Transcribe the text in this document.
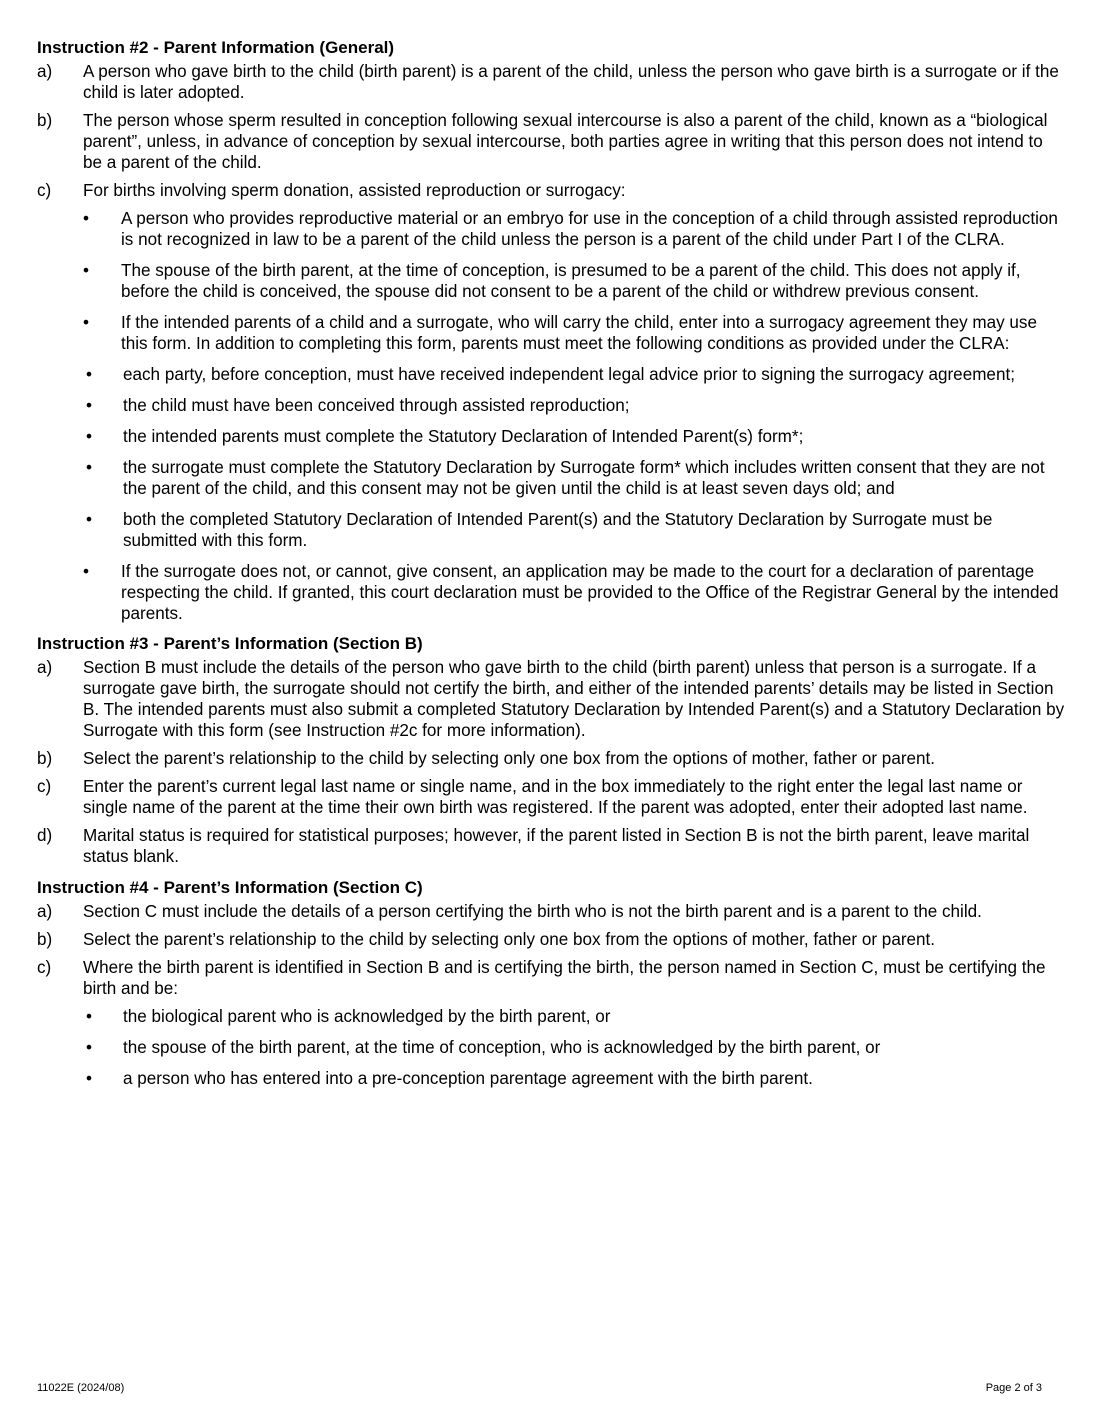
Instruction #2 - Parent Information (General)
a) A person who gave birth to the child (birth parent) is a parent of the child, unless the person who gave birth is a surrogate or if the child is later adopted.
b) The person whose sperm resulted in conception following sexual intercourse is also a parent of the child, known as a “biological parent”, unless, in advance of conception by sexual intercourse, both parties agree in writing that this person does not intend to be a parent of the child.
c) For births involving sperm donation, assisted reproduction or surrogacy:
• A person who provides reproductive material or an embryo for use in the conception of a child through assisted reproduction is not recognized in law to be a parent of the child unless the person is a parent of the child under Part I of the CLRA.
• The spouse of the birth parent, at the time of conception, is presumed to be a parent of the child. This does not apply if, before the child is conceived, the spouse did not consent to be a parent of the child or withdrew previous consent.
• If the intended parents of a child and a surrogate, who will carry the child, enter into a surrogacy agreement they may use this form. In addition to completing this form, parents must meet the following conditions as provided under the CLRA:
• each party, before conception, must have received independent legal advice prior to signing the surrogacy agreement;
• the child must have been conceived through assisted reproduction;
• the intended parents must complete the Statutory Declaration of Intended Parent(s) form*;
• the surrogate must complete the Statutory Declaration by Surrogate form* which includes written consent that they are not the parent of the child, and this consent may not be given until the child is at least seven days old; and
• both the completed Statutory Declaration of Intended Parent(s) and the Statutory Declaration by Surrogate must be submitted with this form.
• If the surrogate does not, or cannot, give consent, an application may be made to the court for a declaration of parentage respecting the child. If granted, this court declaration must be provided to the Office of the Registrar General by the intended parents.
Instruction #3 - Parent’s Information (Section B)
a) Section B must include the details of the person who gave birth to the child (birth parent) unless that person is a surrogate. If a surrogate gave birth, the surrogate should not certify the birth, and either of the intended parents’ details may be listed in Section B. The intended parents must also submit a completed Statutory Declaration by Intended Parent(s) and a Statutory Declaration by Surrogate with this form (see Instruction #2c for more information).
b) Select the parent’s relationship to the child by selecting only one box from the options of mother, father or parent.
c) Enter the parent’s current legal last name or single name, and in the box immediately to the right enter the legal last name or single name of the parent at the time their own birth was registered. If the parent was adopted, enter their adopted last name.
d) Marital status is required for statistical purposes; however, if the parent listed in Section B is not the birth parent, leave marital status blank.
Instruction #4 - Parent’s Information (Section C)
a) Section C must include the details of a person certifying the birth who is not the birth parent and is a parent to the child.
b) Select the parent’s relationship to the child by selecting only one box from the options of mother, father or parent.
c) Where the birth parent is identified in Section B and is certifying the birth, the person named in Section C, must be certifying the birth and be:
• the biological parent who is acknowledged by the birth parent, or
• the spouse of the birth parent, at the time of conception, who is acknowledged by the birth parent, or
• a person who has entered into a pre-conception parentage agreement with the birth parent.
11022E (2024/08)	Page 2 of 3
